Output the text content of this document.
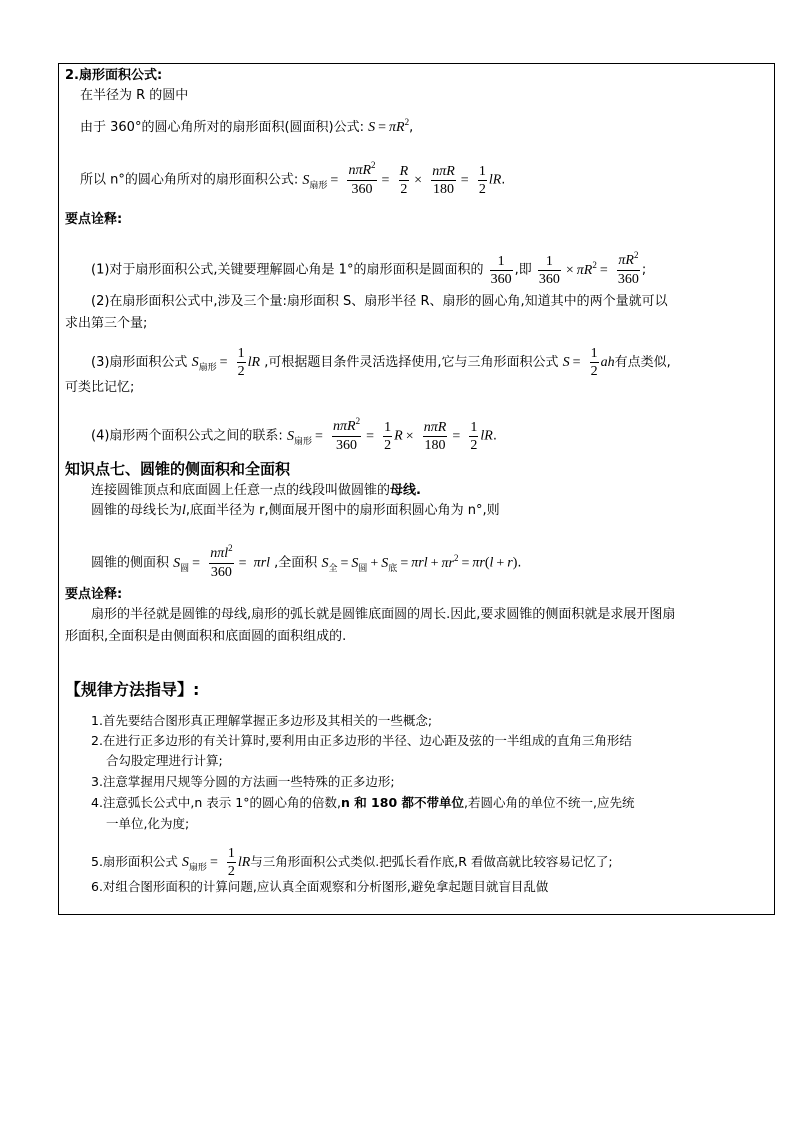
2.扇形面积公式:
在半径为 R 的圆中
由于 360°的圆心角所对的扇形面积(圆面积)公式: $S = \pi R^2$,
所以 n°的圆心角所对的扇形面积公式: $S_{扇形} = \frac{n\pi R^2}{360} = \frac{R}{2} \times \frac{\text{nπR}}{180} = \frac{1}{2}$ lR.
要点诠释:
(1)对于扇形面积公式,关键要理解圆心角是 1°的扇形面积是圆面积的 $\frac{1}{360}$ ,即 $\frac{1}{360} \times \pi R^2 = \frac{\pi R^2}{360}$ ;
(2)在扇形面积公式中,涉及三个量:扇形面积 S、扇形半径 R、扇形的圆心角,知道其中的两个量就可以
求出第三个量;
(3)扇形面积公式 $S_{扇形} = \frac{1}{2}$ lR ,可根据题目条件灵活选择使用,它与三角形面积公式 $S = \frac{1}{2}$ ah有点类似,
可类比记忆;
(4)扇形两个面积公式之间的联系: $S_{扇形} = \frac{n\pi R^2}{360} = \frac{1}{2}$ $R \times \frac{\text{nπR}}{180} = \frac{1}{2}$ lR.
知识点七、圆锥的侧面积和全面积
连接圆锥顶点和底面圆上任意一点的线段叫做圆锥的母线.
圆锥的母线长为l,底面半径为 r,侧面展开图中的扇形面积圆心角为 n°,则
圆锥的侧面积 $S_圆 = \frac{n\pi l^2}{360} = \pi rl$ ,全面积 $S_全 = S_圆 + S_底 = \pi rl + \pi r^2 = \pi r(l + r)$.
要点诠释:
扇形的半径就是圆锥的母线,扇形的弧长就是圆锥底面圆的周长.因此,要求圆锥的侧面积就是求展开图扇
形面积,全面积是由侧面积和底面圆的面积组成的.
【规律方法指导】:
1.首先要结合图形真正理解掌握正多边形及其相关的一些概念;
2.在进行正多边形的有关计算时,要利用由正多边形的半径、边心距及弦的一半组成的直角三角形结
合勾股定理进行计算;
3.注意掌握用尺规等分圆的方法画一些特殊的正多边形;
4.注意弧长公式中,n 表示 1°的圆心角的倍数,n 和 180 都不带单位,若圆心角的单位不统一,应先统
一单位,化为度;
5.扇形面积公式 $S_{扇形} = \frac{1}{2}$ lR与三角形面积公式类似.把弧长看作底,R 看做高就比较容易记忆了;
6.对组合图形面积的计算问题,应认真全面观察和分析图形,避免拿起题目就盲目乱做
